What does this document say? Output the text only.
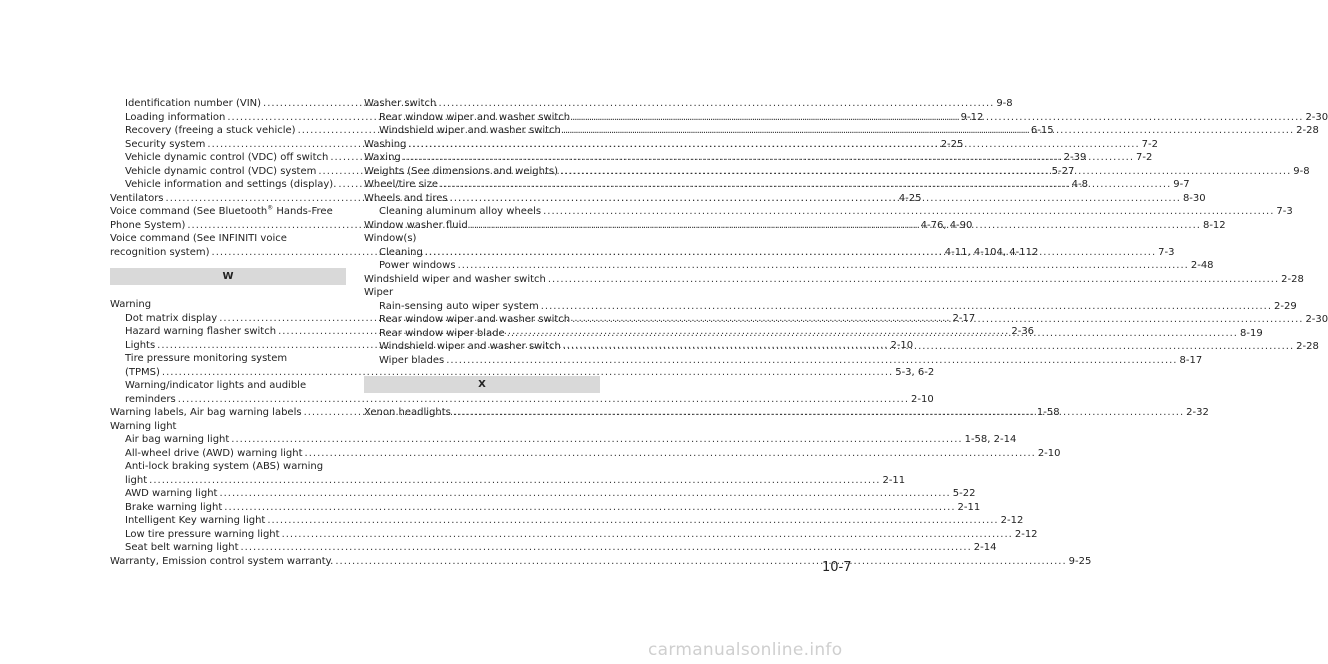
Identification number (VIN) .....	9-8
Loading information .....	9-12
Recovery (freeing a stuck vehicle) .....	6-15
Security system .....	2-25
Vehicle dynamic control (VDC) off switch .....	2-39
Vehicle dynamic control (VDC) system .....	5-27
Vehicle information and settings (display). .....	4-8
Ventilators .....	4-25
Voice command (See Bluetooth® Hands-Free
Phone System) .....	4-76, 4-90
Voice command (See INFINITI voice
recognition system) .....	4-11, 4-104, 4-112
W
Warning
Dot matrix display .....	2-17
Hazard warning flasher switch .....	2-36
Lights .....	2-10
Tire pressure monitoring system
(TPMS) .....	5-3, 6-2
Warning/indicator lights and audible
reminders .....	2-10
Warning labels, Air bag warning labels .....	1-58
Warning light
Air bag warning light .....	1-58, 2-14
All-wheel drive (AWD) warning light .....	2-10
Anti-lock braking system (ABS) warning
light .....	2-11
AWD warning light .....	5-22
Brake warning light .....	2-11
Intelligent Key warning light .....	2-12
Low tire pressure warning light .....	2-12
Seat belt warning light .....	2-14
Warranty, Emission control system warranty. .....	9-25
Washer switch
Rear window wiper and washer switch .....	2-30
Windshield wiper and washer switch .....	2-28
Washing .....	7-2
Waxing .....	7-2
Weights (See dimensions and weights) .....	9-8
Wheel/tire size .....	9-7
Wheels and tires .....	8-30
Cleaning aluminum alloy wheels .....	7-3
Window washer fluid .....	8-12
Window(s)
Cleaning .....	7-3
Power windows .....	2-48
Windshield wiper and washer switch .....	2-28
Wiper
Rain-sensing auto wiper system .....	2-29
Rear window wiper and washer switch .....	2-30
Rear window wiper blade .....	8-19
Windshield wiper and washer switch .....	2-28
Wiper blades .....	8-17
X
Xenon headlights .....	2-32
10-7
carmanualsonline.info
